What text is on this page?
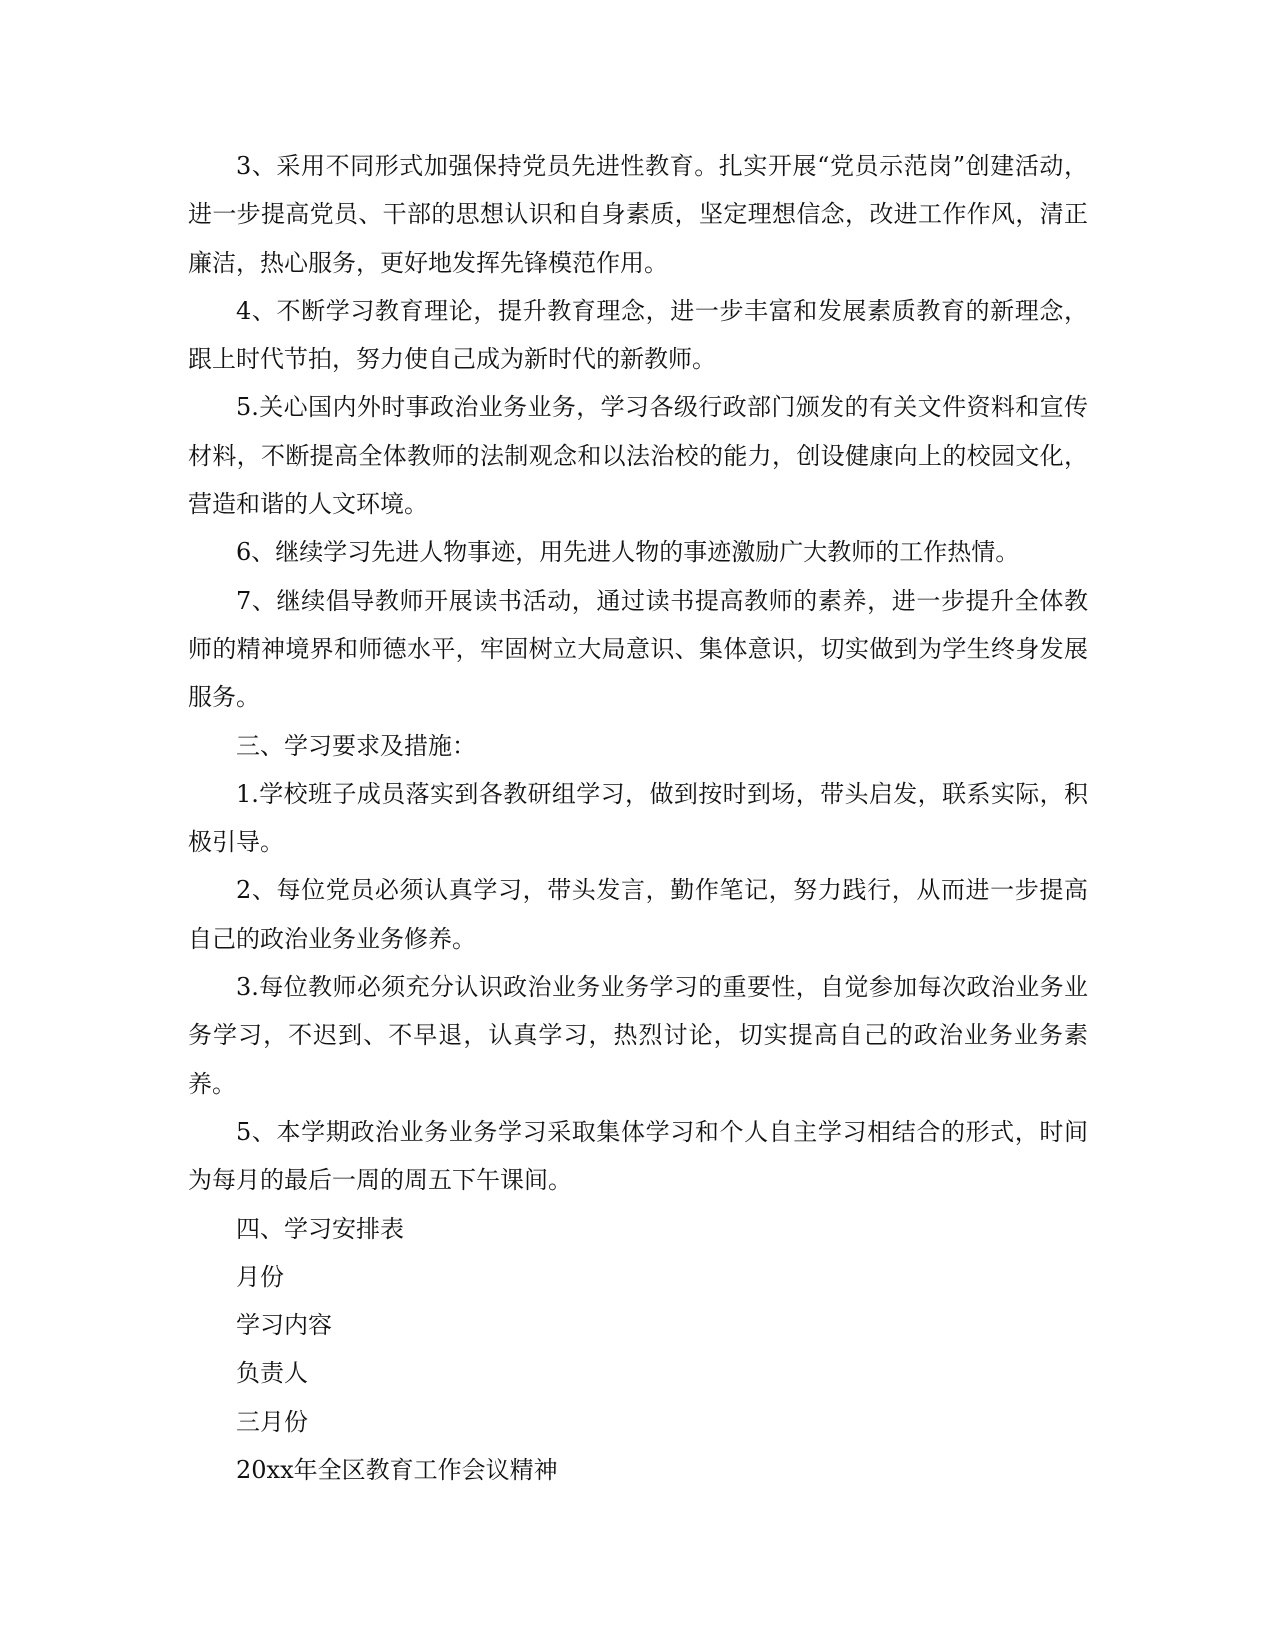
3、采用不同形式加强保持党员先进性教育。扎实开展“党员示范岗”创建活动，进一步提高党员、干部的思想认识和自身素质，坚定理想信念，改进工作作风，清正廉洁，热心服务，更好地发挥先锋模范作用。

4、不断学习教育理论，提升教育理念，进一步丰富和发展素质教育的新理念，跟上时代节拍，努力使自己成为新时代的新教师。

5.关心国内外时事政治业务业务，学习各级行政部门颁发的有关文件资料和宣传材料，不断提高全体教师的法制观念和以法治校的能力，创设健康向上的校园文化，营造和谐的人文环境。

6、继续学习先进人物事迹，用先进人物的事迹激励广大教师的工作热情。

7、继续倡导教师开展读书活动，通过读书提高教师的素养，进一步提升全体教师的精神境界和师德水平，牢固树立大局意识、集体意识，切实做到为学生终身发展服务。

三、学习要求及措施：

1.学校班子成员落实到各教研组学习，做到按时到场，带头启发，联系实际，积极引导。

2、每位党员必须认真学习，带头发言，勤作笔记，努力践行，从而进一步提高自己的政治业务业务修养。

3.每位教师必须充分认识政治业务业务学习的重要性，自觉参加每次政治业务业务学习，不迟到、不早退，认真学习，热烈讨论，切实提高自己的政治业务业务素养。

5、本学期政治业务业务学习采取集体学习和个人自主学习相结合的形式，时间为每月的最后一周的周五下午课间。

四、学习安排表

月份

学习内容

负责人

三月份

20xx年全区教育工作会议精神
